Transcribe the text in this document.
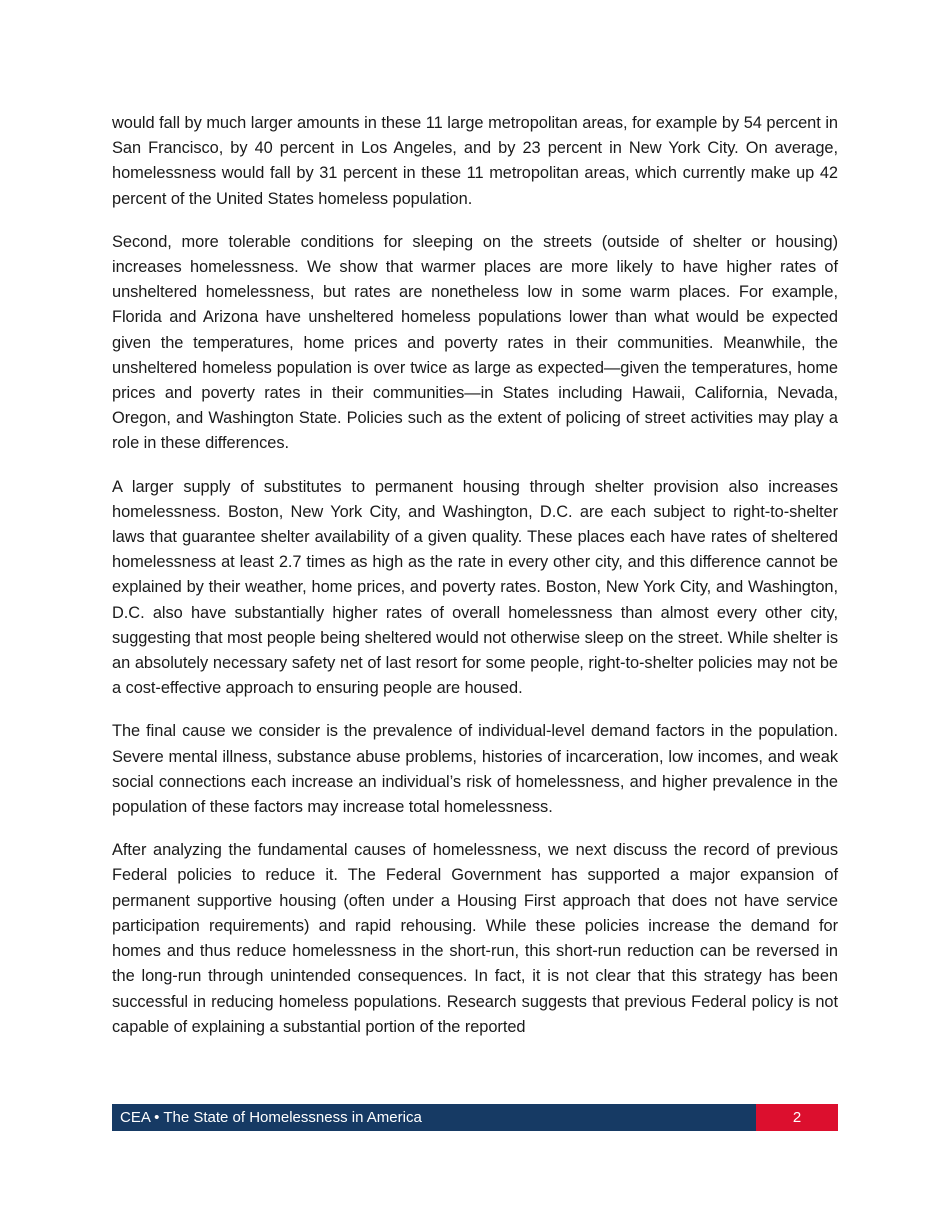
would fall by much larger amounts in these 11 large metropolitan areas, for example by 54 percent in San Francisco, by 40 percent in Los Angeles, and by 23 percent in New York City. On average, homelessness would fall by 31 percent in these 11 metropolitan areas, which currently make up 42 percent of the United States homeless population.

Second, more tolerable conditions for sleeping on the streets (outside of shelter or housing) increases homelessness. We show that warmer places are more likely to have higher rates of unsheltered homelessness, but rates are nonetheless low in some warm places. For example, Florida and Arizona have unsheltered homeless populations lower than what would be expected given the temperatures, home prices and poverty rates in their communities. Meanwhile, the unsheltered homeless population is over twice as large as expected—given the temperatures, home prices and poverty rates in their communities—in States including Hawaii, California, Nevada, Oregon, and Washington State. Policies such as the extent of policing of street activities may play a role in these differences.

A larger supply of substitutes to permanent housing through shelter provision also increases homelessness. Boston, New York City, and Washington, D.C. are each subject to right-to-shelter laws that guarantee shelter availability of a given quality. These places each have rates of sheltered homelessness at least 2.7 times as high as the rate in every other city, and this difference cannot be explained by their weather, home prices, and poverty rates. Boston, New York City, and Washington, D.C. also have substantially higher rates of overall homelessness than almost every other city, suggesting that most people being sheltered would not otherwise sleep on the street. While shelter is an absolutely necessary safety net of last resort for some people, right-to-shelter policies may not be a cost-effective approach to ensuring people are housed.

The final cause we consider is the prevalence of individual-level demand factors in the population. Severe mental illness, substance abuse problems, histories of incarceration, low incomes, and weak social connections each increase an individual’s risk of homelessness, and higher prevalence in the population of these factors may increase total homelessness.

After analyzing the fundamental causes of homelessness, we next discuss the record of previous Federal policies to reduce it. The Federal Government has supported a major expansion of permanent supportive housing (often under a Housing First approach that does not have service participation requirements) and rapid rehousing. While these policies increase the demand for homes and thus reduce homelessness in the short-run, this short-run reduction can be reversed in the long-run through unintended consequences. In fact, it is not clear that this strategy has been successful in reducing homeless populations. Research suggests that previous Federal policy is not capable of explaining a substantial portion of the reported

CEA • The State of Homelessness in America	2
